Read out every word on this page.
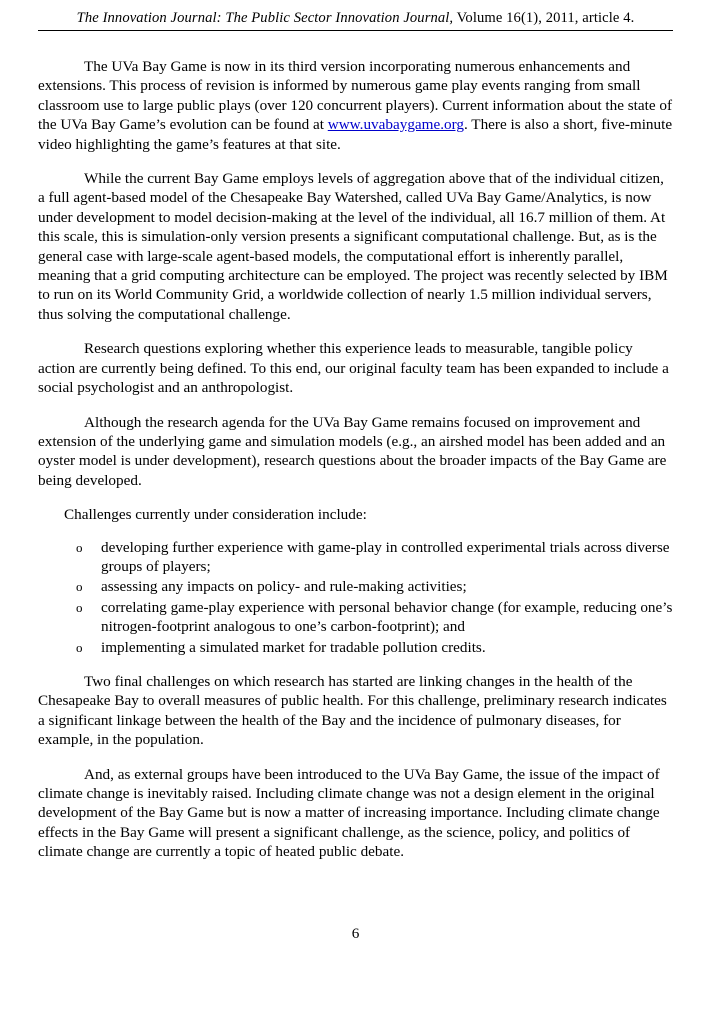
The Innovation Journal: The Public Sector Innovation Journal, Volume 16(1), 2011, article 4.

The UVa Bay Game is now in its third version incorporating numerous enhancements and extensions. This process of revision is informed by numerous game play events ranging from small classroom use to large public plays (over 120 concurrent players). Current information about the state of the UVa Bay Game’s evolution can be found at www.uvabaygame.org. There is also a short, five-minute video highlighting the game’s features at that site.

While the current Bay Game employs levels of aggregation above that of the individual citizen, a full agent-based model of the Chesapeake Bay Watershed, called UVa Bay Game/Analytics, is now under development to model decision-making at the level of the individual, all 16.7 million of them. At this scale, this is simulation-only version presents a significant computational challenge. But, as is the general case with large-scale agent-based models, the computational effort is inherently parallel, meaning that a grid computing architecture can be employed. The project was recently selected by IBM to run on its World Community Grid, a worldwide collection of nearly 1.5 million individual servers, thus solving the computational challenge.

Research questions exploring whether this experience leads to measurable, tangible policy action are currently being defined. To this end, our original faculty team has been expanded to include a social psychologist and an anthropologist.

Although the research agenda for the UVa Bay Game remains focused on improvement and extension of the underlying game and simulation models (e.g., an airshed model has been added and an oyster model is under development), research questions about the broader impacts of the Bay Game are being developed.

Challenges currently under consideration include:

o developing further experience with game-play in controlled experimental trials across diverse groups of players;
o assessing any impacts on policy- and rule-making activities;
o correlating game-play experience with personal behavior change (for example, reducing one’s nitrogen-footprint analogous to one’s carbon-footprint); and
o implementing a simulated market for tradable pollution credits.

Two final challenges on which research has started are linking changes in the health of the Chesapeake Bay to overall measures of public health. For this challenge, preliminary research indicates a significant linkage between the health of the Bay and the incidence of pulmonary diseases, for example, in the population.

And, as external groups have been introduced to the UVa Bay Game, the issue of the impact of climate change is inevitably raised. Including climate change was not a design element in the original development of the Bay Game but is now a matter of increasing importance. Including climate change effects in the Bay Game will present a significant challenge, as the science, policy, and politics of climate change are currently a topic of heated public debate.

6
